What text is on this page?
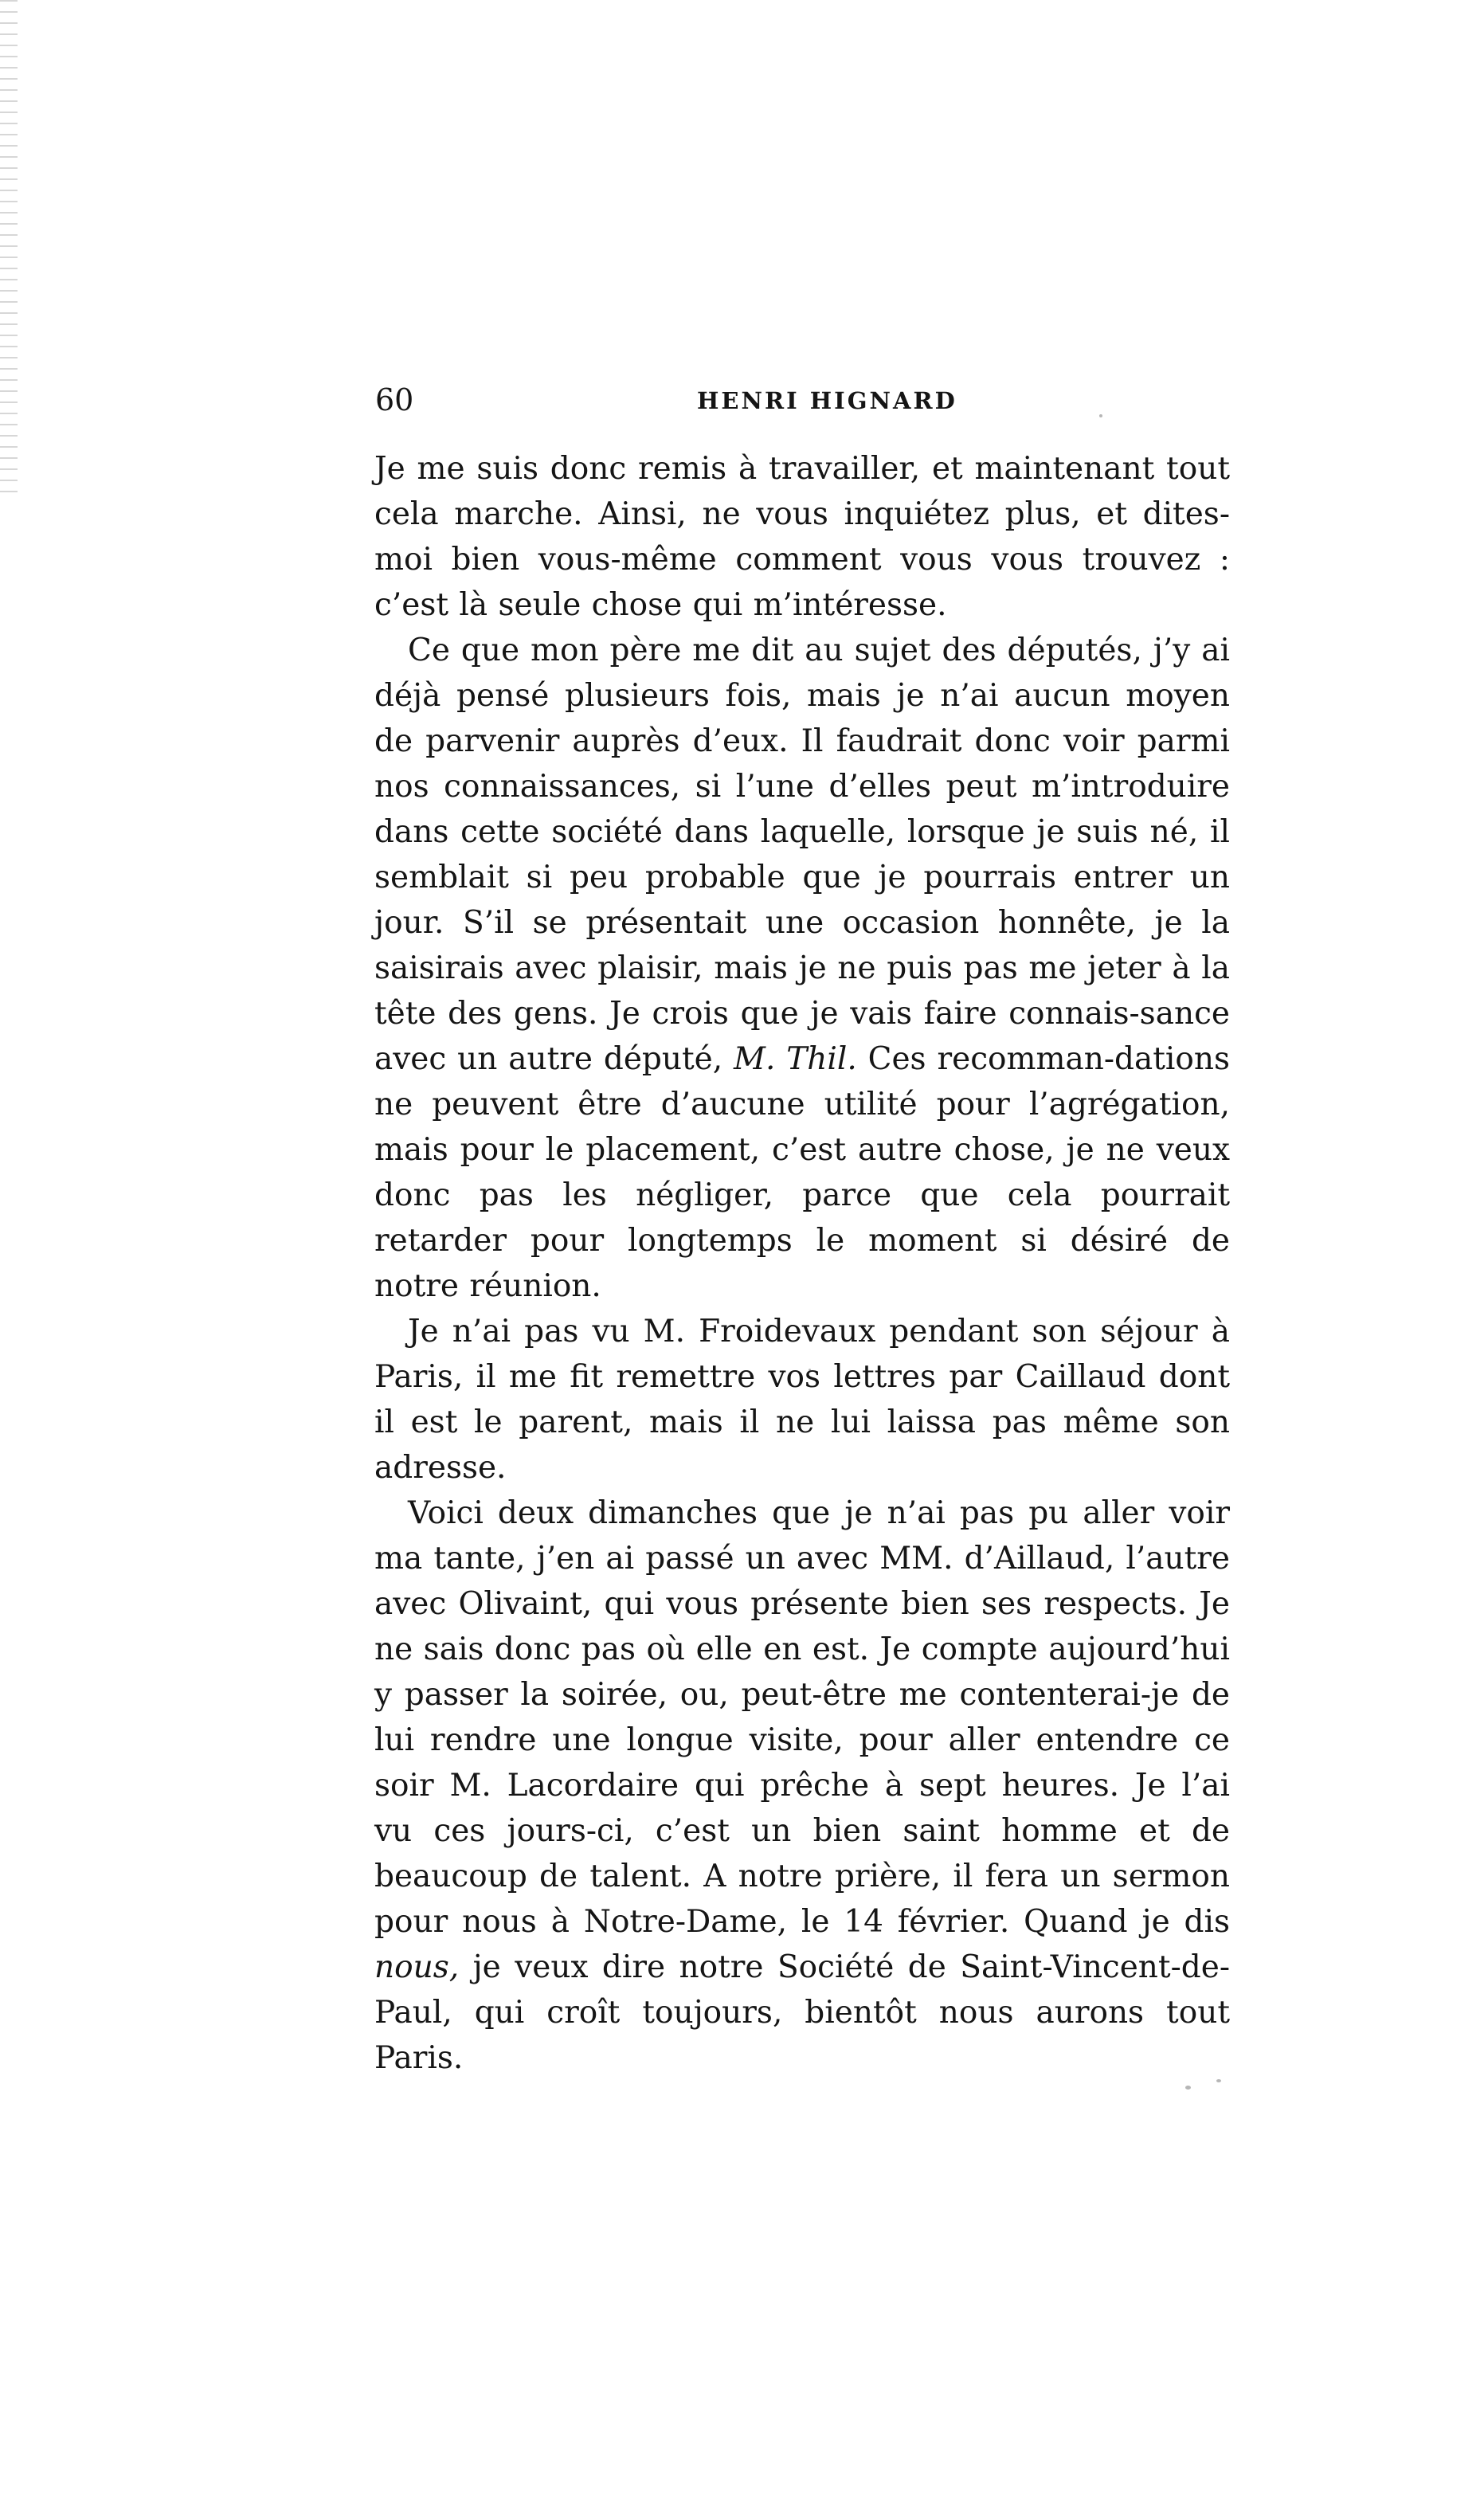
60	HENRI HIGNARD

Je me suis donc remis à travailler, et maintenant tout cela marche. Ainsi, ne vous inquiétez plus, et dites-moi bien vous-même comment vous vous trouvez : c’est là seule chose qui m’intéresse.

Ce que mon père me dit au sujet des députés, j’y ai déjà pensé plusieurs fois, mais je n’ai aucun moyen de parvenir auprès d’eux. Il faudrait donc voir parmi nos connaissances, si l’une d’elles peut m’introduire dans cette société dans laquelle, lorsque je suis né, il semblait si peu probable que je pourrais entrer un jour. S’il se présentait une occasion honnête, je la saisirais avec plaisir, mais je ne puis pas me jeter à la tête des gens. Je crois que je vais faire connais-sance avec un autre député, M. Thil. Ces recomman-dations ne peuvent être d’aucune utilité pour l’agrégation, mais pour le placement, c’est autre chose, je ne veux donc pas les négliger, parce que cela pourrait retarder pour longtemps le moment si désiré de notre réunion.

Je n’ai pas vu M. Froidevaux pendant son séjour à Paris, il me fit remettre vos lettres par Caillaud dont il est le parent, mais il ne lui laissa pas même son adresse.

Voici deux dimanches que je n’ai pas pu aller voir ma tante, j’en ai passé un avec MM. d’Aillaud, l’autre avec Olivaint, qui vous présente bien ses respects. Je ne sais donc pas où elle en est. Je compte aujourd’hui y passer la soirée, ou, peut-être me contenterai-je de lui rendre une longue visite, pour aller entendre ce soir M. Lacordaire qui prêche à sept heures. Je l’ai vu ces jours-ci, c’est un bien saint homme et de beaucoup de talent. A notre prière, il fera un sermon pour nous à Notre-Dame, le 14 février. Quand je dis nous, je veux dire notre Société de Saint-Vincent-de-Paul, qui croît toujours, bientôt nous aurons tout Paris.
